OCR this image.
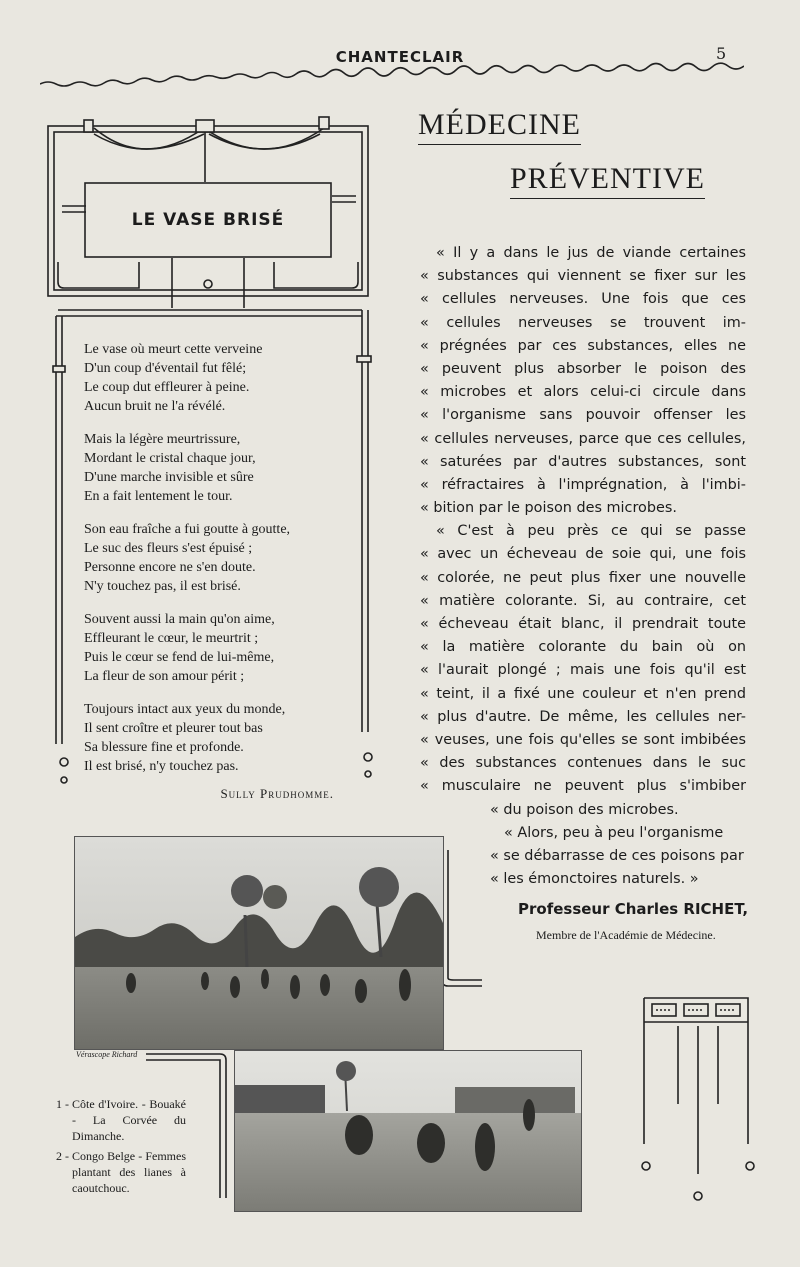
CHANTECLAIR	5
LE VASE BRISÉ
Le vase où meurt cette verveine
D'un coup d'éventail fut fêlé;
Le coup dut effleurer à peine.
Aucun bruit ne l'a révélé.
Mais la légère meurtrissure,
Mordant le cristal chaque jour,
D'une marche invisible et sûre
En a fait lentement le tour.
Son eau fraîche a fui goutte à goutte,
Le suc des fleurs s'est épuisé ;
Personne encore ne s'en doute.
N'y touchez pas, il est brisé.
Souvent aussi la main qu'on aime,
Effleurant le cœur, le meurtrit ;
Puis le cœur se fend de lui-même,
La fleur de son amour périt ;
Toujours intact aux yeux du monde,
Il sent croître et pleurer tout bas
Sa blessure fine et profonde.
Il est brisé, n'y touchez pas.
Sully Prudhomme.
MÉDECINE
PRÉVENTIVE
« Il y a dans le jus de viande certaines
« substances qui viennent se fixer sur les
« cellules nerveuses. Une fois que ces
« cellules nerveuses se trouvent im-
« prégnées par ces substances, elles ne
« peuvent plus absorber le poison des
« microbes et alors celui-ci circule dans
« l'organisme sans pouvoir offenser les
« cellules nerveuses, parce que ces cellules,
« saturées par d'autres substances, sont
« réfractaires à l'imprégnation, à l'imbi-
« bition par le poison des microbes.
« C'est à peu près ce qui se passe
« avec un écheveau de soie qui, une fois
« colorée, ne peut plus fixer une nouvelle
« matière colorante. Si, au contraire, cet
« écheveau était blanc, il prendrait toute
« la matière colorante du bain où on
« l'aurait plongé ; mais une fois qu'il est
« teint, il a fixé une couleur et n'en prend
« plus d'autre. De même, les cellules ner-
« veuses, une fois qu'elles se sont imbibées
« des substances contenues dans le suc
« musculaire ne peuvent plus s'imbiber
« du poison des microbes.
« Alors, peu à peu l'organisme
« se débarrasse de ces poisons par
« les émonctoires naturels. »
Professeur Charles RICHET,
Membre de l'Académie de Médecine.
Vérascope Richard
1 - Côte d'Ivoire. - Bouaké - La Corvée du Dimanche.
2 - Congo Belge - Femmes plantant des lianes à caoutchouc.
